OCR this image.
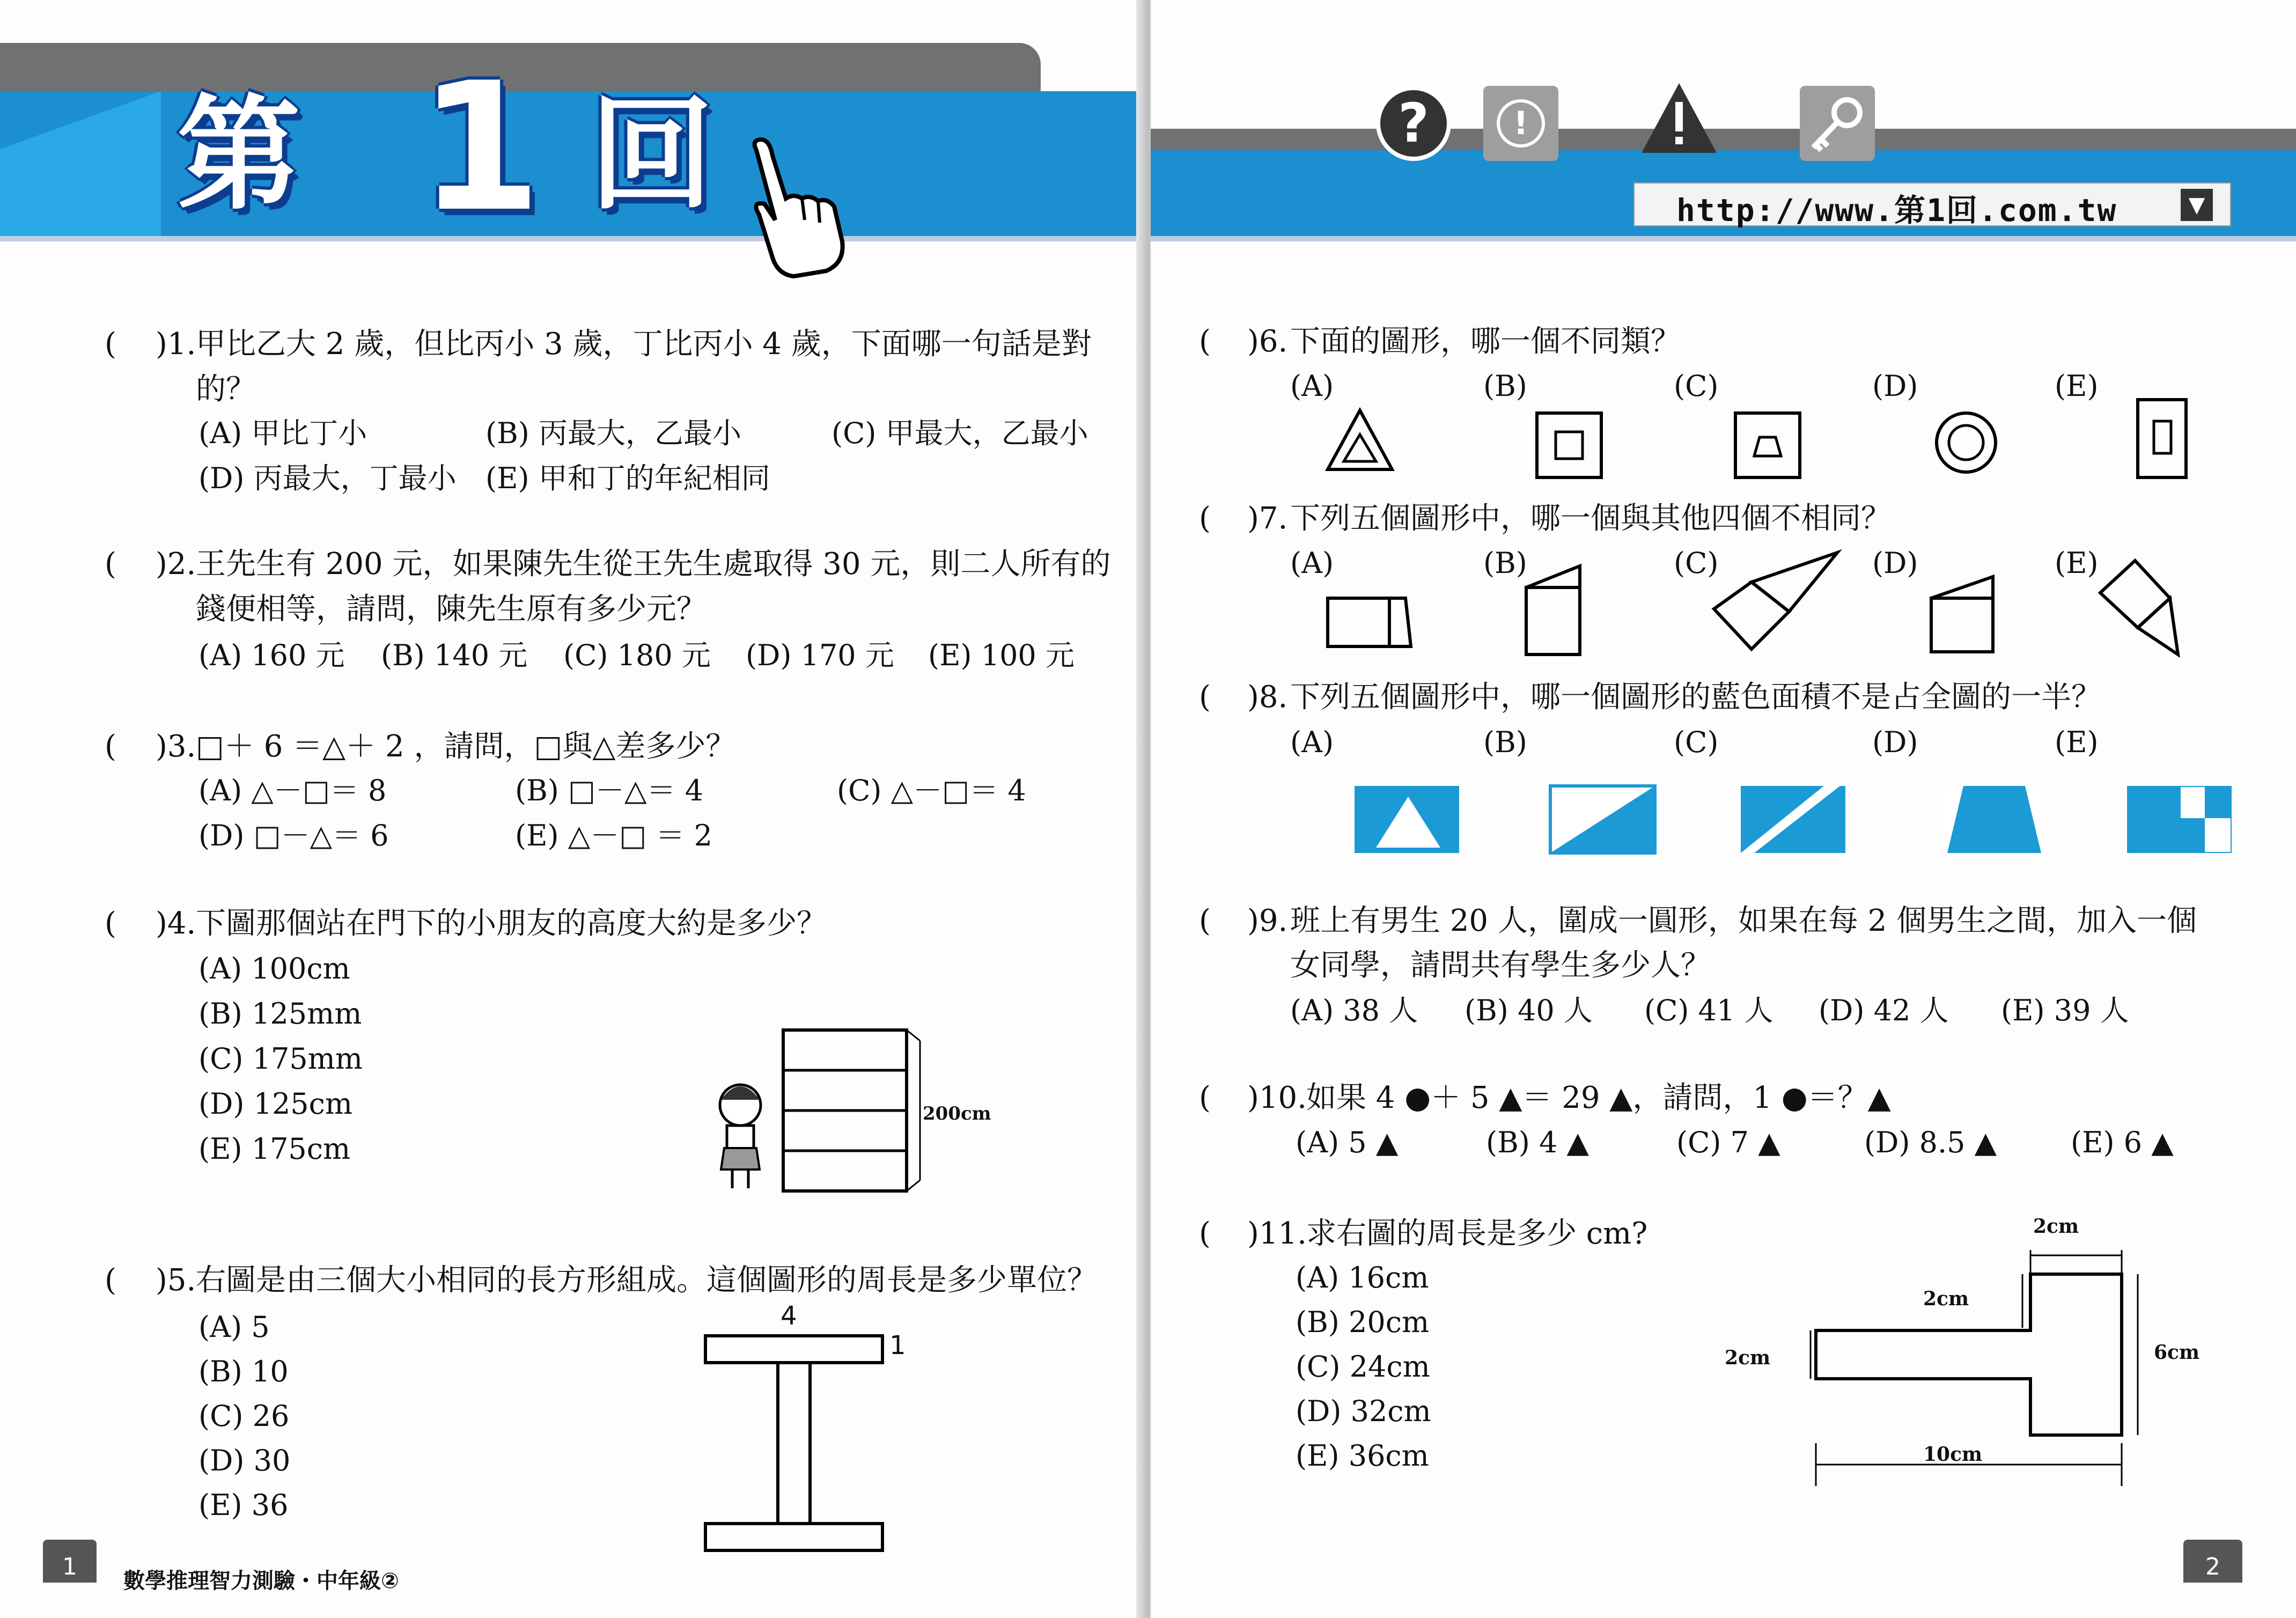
第 1 回
( )1. 甲比乙大 2 歲，但比丙小 3 歲，丁比丙小 4 歲，下面哪一句話是對
的？
(A) 甲比丁小	(B) 丙最大，乙最小	(C) 甲最大，乙最小
(D) 丙最大，丁最小 (E) 甲和丁的年紀相同
( )2. 王先生有 200 元，如果陳先生從王先生處取得 30 元，則二人所有的
錢便相等，請問，陳先生原有多少元？
(A) 160 元 (B) 140 元 (C) 180 元 (D) 170 元 (E) 100 元
( )3. □＋ 6 ＝△＋ 2 ，請問，□與△差多少？
(A) △－□＝ 8	(B) □－△＝ 4	(C) △－□＝ 4
(D) □－△＝ 6	(E) △－□ ＝ 2
( )4. 下圖那個站在門下的小朋友的高度大約是多少？
(A) 100cm
(B) 125mm
(C) 175mm
(D) 125cm
(E) 175cm
200cm
( )5. 右圖是由三個大小相同的長方形組成。這個圖形的周長是多少單位？
(A) 5
(B) 10
(C) 26
(D) 30
(E) 36
4
1
1
數學推理智力測驗・中年級②
?	!
http://www.第1回.com.tw	▼
( )6. 下面的圖形，哪一個不同類？
(A)	(B)	(C)	(D)	(E)
( )7. 下列五個圖形中，哪一個與其他四個不相同？
(A)	(B)	(C)	(D)	(E)
( )8. 下列五個圖形中，哪一個圖形的藍色面積不是占全圖的一半？
(A)	(B)	(C)	(D)	(E)
( )9. 班上有男生 20 人，圍成一圓形，如果在每 2 個男生之間，加入一個
女同學，請問共有學生多少人？
(A) 38 人 (B) 40 人 (C) 41 人 (D) 42 人 (E) 39 人
( )10. 如果 4 ●＋ 5 ▲＝ 29 ▲，請問，1 ●＝？▲
(A) 5 ▲	(B) 4 ▲	(C) 7 ▲	(D) 8.5 ▲	(E) 6 ▲
( )11. 求右圖的周長是多少 cm?
(A) 16cm
(B) 20cm
(C) 24cm
(D) 32cm
(E) 36cm
2cm
2cm
6cm
2cm
10cm
2
